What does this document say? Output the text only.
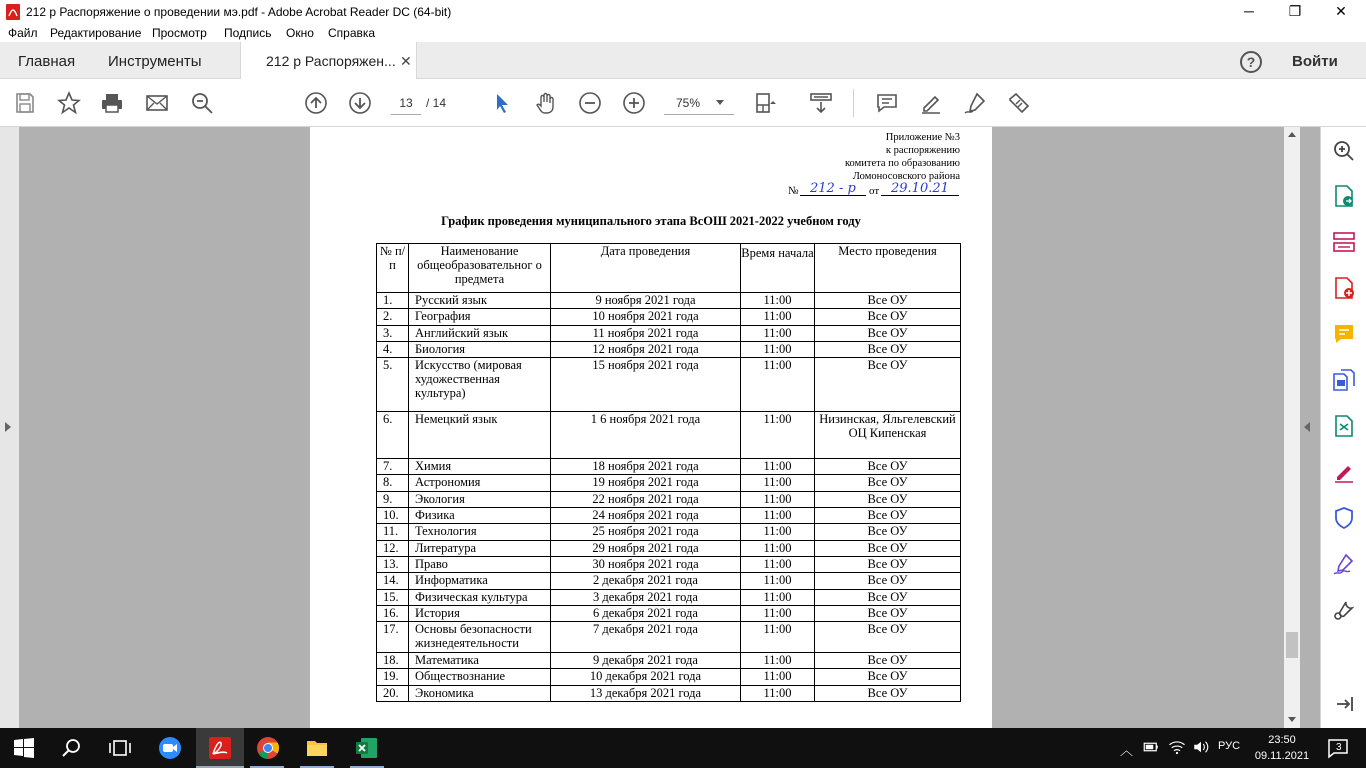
212 р Распоряжение о проведении мэ.pdf - Adobe Acrobat Reader DC (64-bit)	─	❐	✕
Файл Редактирование Просмотр Подпись Окно Справка
Главная Инструменты	212 р Распоряжен... ✕	?	Войти
13	/ 14	75%
Приложение №3
к распоряжению
комитета по образованию
Ломоносовского района
№ 212 - р от 29.10.21
График проведения муниципального этапа ВсОШ 2021-2022 учебном году
№ п/п	Наименование общеобразовательног о предмета	Дата проведения	Время начала	Место проведения
1.	Русский язык	9 ноября 2021 года	11:00	Все ОУ
2.	География	10 ноября 2021 года	11:00	Все ОУ
3.	Английский язык	11 ноября 2021 года	11:00	Все ОУ
4.	Биология	12 ноября 2021 года	11:00	Все ОУ
5.	Искусство (мировая художественная культура)	15 ноября 2021 года	11:00	Все ОУ
6.	Немецкий язык	1 6 ноября 2021 года	11:00	Низинская, Яльгелевский ОЦ Кипенская
7.	Химия	18 ноября 2021 года	11:00	Все ОУ
8.	Астрономия	19 ноября 2021 года	11:00	Все ОУ
9.	Экология	22 ноября 2021 года	11:00	Все ОУ
10.	Физика	24 ноября 2021 года	11:00	Все ОУ
11.	Технология	25 ноября 2021 года	11:00	Все ОУ
12.	Литература	29 ноября 2021 года	11:00	Все ОУ
13.	Право	30 ноября 2021 года	11:00	Все ОУ
14.	Информатика	2 декабря 2021 года	11:00	Все ОУ
15.	Физическая культура	3 декабря 2021 года	11:00	Все ОУ
16.	История	6 декабря 2021 года	11:00	Все ОУ
17.	Основы безопасности жизнедеятельности	7 декабря 2021 года	11:00	Все ОУ
18.	Математика	9 декабря 2021 года	11:00	Все ОУ
19.	Обществознание	10 декабря 2021 года	11:00	Все ОУ
20.	Экономика	13 декабря 2021 года	11:00	Все ОУ
︿	РУС	23:50
09.11.2021
3
